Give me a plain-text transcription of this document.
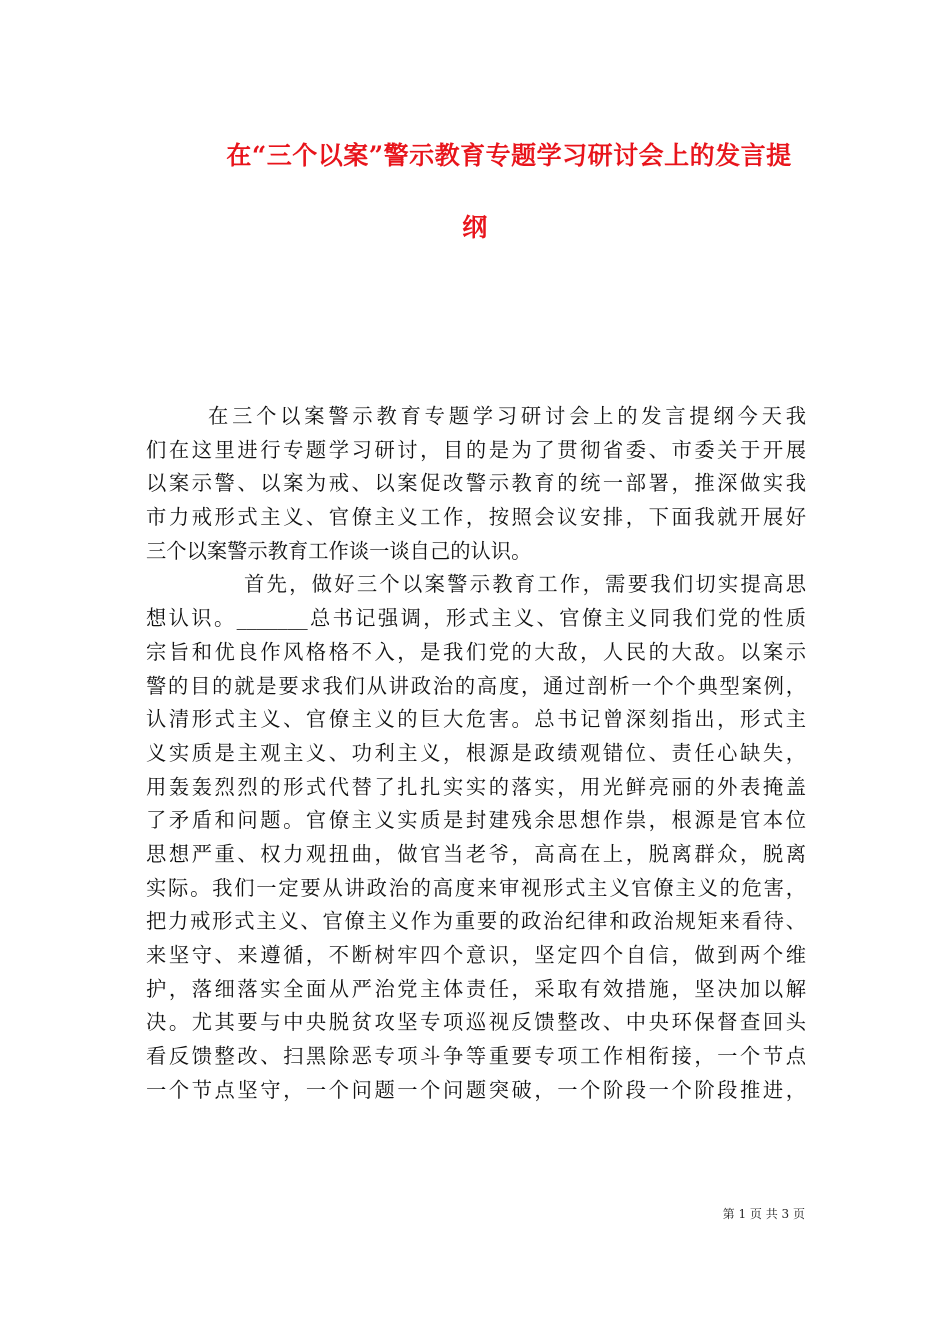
在“三个以案”警示教育专题学习研讨会上的发言提
纲
在三个以案警示教育专题学习研讨会上的发言提纲今天我
们在这里进行专题学习研讨，目的是为了贯彻省委、市委关于开展
以案示警、以案为戒、以案促改警示教育的统一部署，推深做实我
市力戒形式主义、官僚主义工作，按照会议安排，下面我就开展好
三个以案警示教育工作谈一谈自己的认识。
首先，做好三个以案警示教育工作，需要我们切实提高思
想认识。_______总书记强调，形式主义、官僚主义同我们党的性质
宗旨和优良作风格格不入，是我们党的大敌，人民的大敌。以案示
警的目的就是要求我们从讲政治的高度，通过剖析一个个典型案例，
认清形式主义、官僚主义的巨大危害。总书记曾深刻指出，形式主
义实质是主观主义、功利主义，根源是政绩观错位、责任心缺失，
用轰轰烈烈的形式代替了扎扎实实的落实，用光鲜亮丽的外表掩盖
了矛盾和问题。官僚主义实质是封建残余思想作祟，根源是官本位
思想严重、权力观扭曲，做官当老爷，高高在上，脱离群众，脱离
实际。我们一定要从讲政治的高度来审视形式主义官僚主义的危害，
把力戒形式主义、官僚主义作为重要的政治纪律和政治规矩来看待、
来坚守、来遵循，不断树牢四个意识，坚定四个自信，做到两个维
护，落细落实全面从严治党主体责任，采取有效措施，坚决加以解
决。尤其要与中央脱贫攻坚专项巡视反馈整改、中央环保督查回头
看反馈整改、扫黑除恶专项斗争等重要专项工作相衔接，一个节点
一个节点坚守，一个问题一个问题突破，一个阶段一个阶段推进，
第 1 页 共 3 页
